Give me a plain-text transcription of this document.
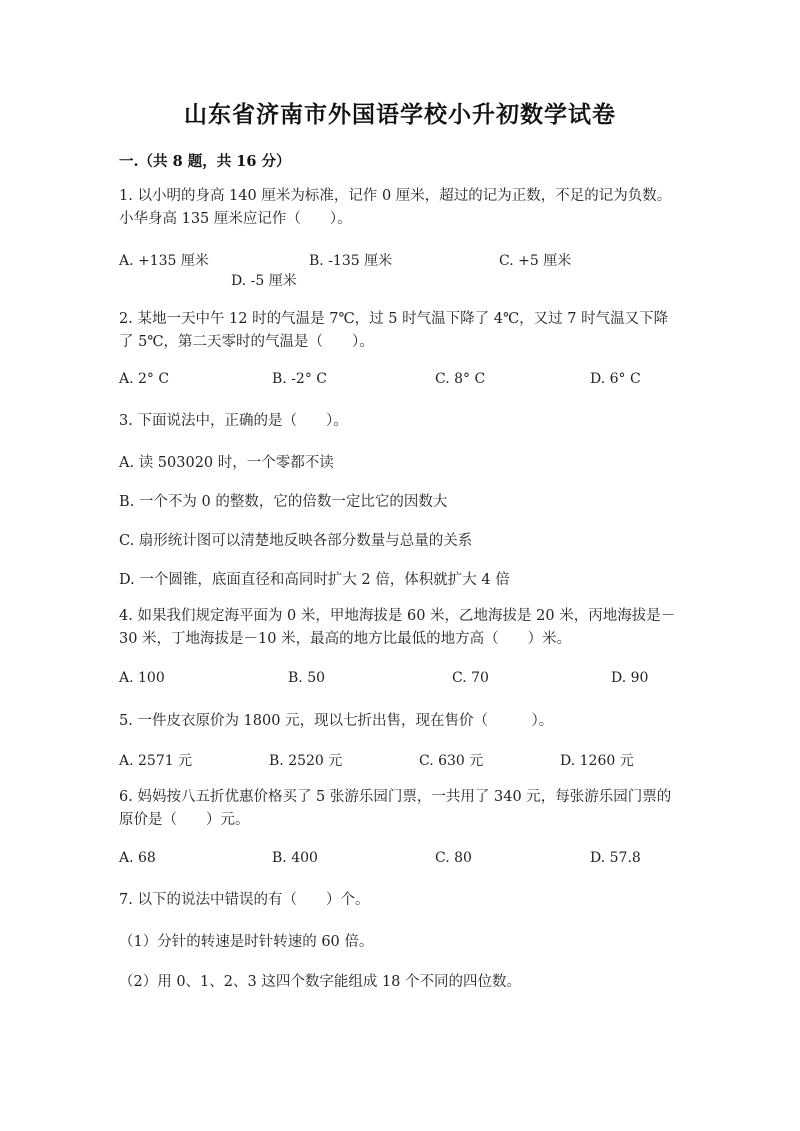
山东省济南市外国语学校小升初数学试卷
一.（共 8 题，共 16 分）
1. 以小明的身高 140 厘米为标准，记作 0 厘米，超过的记为正数，不足的记为负数。小华身高 135 厘米应记作（　　）。
A. +135 厘米	B. -135 厘米	C. +5 厘米
D. -5 厘米
2. 某地一天中午 12 时的气温是 7℃，过 5 时气温下降了 4℃，又过 7 时气温又下降了 5℃，第二天零时的气温是（　　）。
A. 2° C	B. -2° C	C. 8° C	D. 6° C
3. 下面说法中，正确的是（　　）。
A. 读 503020 时，一个零都不读
B. 一个不为 0 的整数，它的倍数一定比它的因数大
C. 扇形统计图可以清楚地反映各部分数量与总量的关系
D. 一个圆锥，底面直径和高同时扩大 2 倍，体积就扩大 4 倍
4. 如果我们规定海平面为 0 米，甲地海拔是 60 米，乙地海拔是 20 米，丙地海拔是－30 米，丁地海拔是－10 米，最高的地方比最低的地方高（　　）米。
A. 100	B. 50	C. 70	D. 90
5. 一件皮衣原价为 1800 元，现以七折出售，现在售价（　　　）。
A. 2571 元	B. 2520 元	C. 630 元	D. 1260 元
6. 妈妈按八五折优惠价格买了 5 张游乐园门票，一共用了 340 元，每张游乐园门票的原价是（　　）元。
A. 68	B. 400	C. 80	D. 57.8
7. 以下的说法中错误的有（　　）个。
（1）分针的转速是时针转速的 60 倍。
（2）用 0、1、2、3 这四个数字能组成 18 个不同的四位数。
